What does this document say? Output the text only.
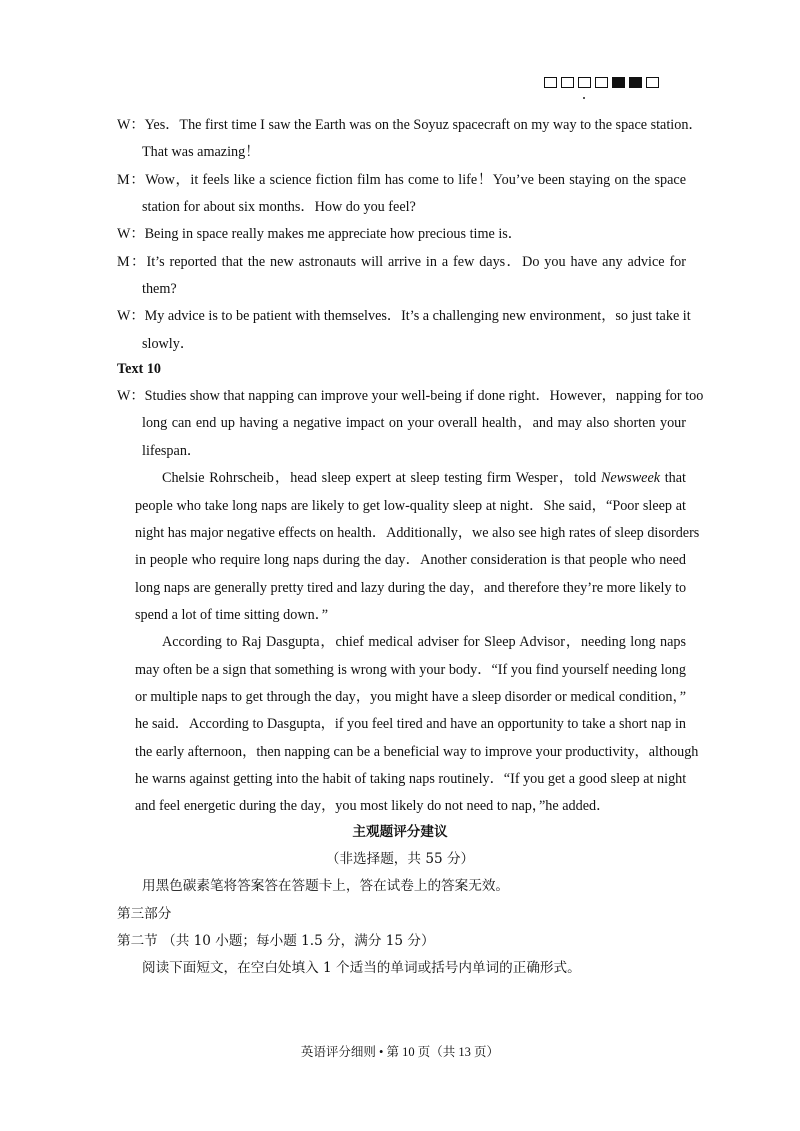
W：Yes．The first time I saw the Earth was on the Soyuz spacecraft on my way to the space station．
That was amazing！
M：Wow，it feels like a science fiction film has come to life！You’ve been staying on the space
station for about six months．How do you feel?
W：Being in space really makes me appreciate how precious time is．
M：It’s reported that the new astronauts will arrive in a few days．Do you have any advice for
them?
W：My advice is to be patient with themselves．It’s a challenging new environment，so just take it
slowly．
Text 10
W：Studies show that napping can improve your well-being if done right．However，napping for too
long can end up having a negative impact on your overall health，and may also shorten your
lifespan．
Chelsie Rohrscheib，head sleep expert at sleep testing firm Wesper，told Newsweek that
people who take long naps are likely to get low-quality sleep at night．She said，“Poor sleep at
night has major negative effects on health．Additionally，we also see high rates of sleep disorders
in people who require long naps during the day．Another consideration is that people who need
long naps are generally pretty tired and lazy during the day，and therefore they’re more likely to
spend a lot of time sitting down．”
According to Raj Dasgupta，chief medical adviser for Sleep Advisor，needing long naps
may often be a sign that something is wrong with your body．“If you find yourself needing long
or multiple naps to get through the day，you might have a sleep disorder or medical condition，”
he said．According to Dasgupta，if you feel tired and have an opportunity to take a short nap in
the early afternoon，then napping can be a beneficial way to improve your productivity，although
he warns against getting into the habit of taking naps routinely．“If you get a good sleep at night
and feel energetic during the day，you most likely do not need to nap，”he added．
主观题评分建议
（非选择题，共 55 分）
用黑色碳素笔将答案答在答题卡上，答在试卷上的答案无效。
第三部分
第二节 （共 10 小题；每小题 1.5 分，满分 15 分）
阅读下面短文，在空白处填入 1 个适当的单词或括号内单词的正确形式。
英语评分细则 • 第 10 页（共 13 页）
